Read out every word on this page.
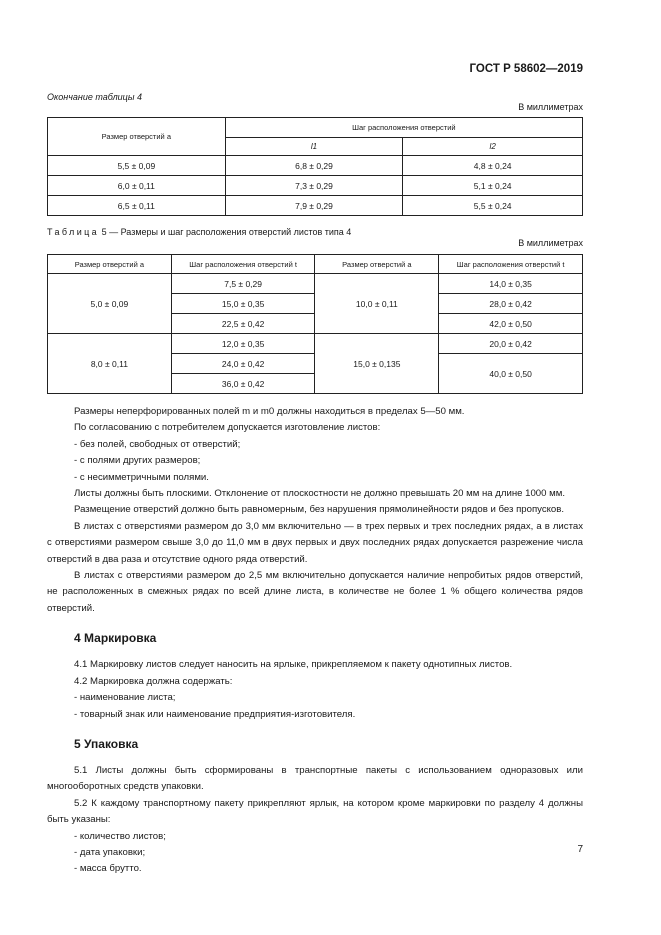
ГОСТ Р 58602—2019
Окончание таблицы 4
В миллиметрах
Размер отверстий a	Шаг расположения отверстий	
	l1	l2
5,5 ± 0,09	6,8 ± 0,29	4,8 ± 0,24
6,0 ± 0,11	7,3 ± 0,29	5,1 ± 0,24
6,5 ± 0,11	7,9 ± 0,29	5,5 ± 0,24
Таблица 5 — Размеры и шаг расположения отверстий листов типа 4
В миллиметрах
Размер отверстий a	Шаг расположения отверстий t	Размер отверстий a	Шаг расположения отверстий t
5,0 ± 0,09	7,5 ± 0,29	10,0 ± 0,11	14,0 ± 0,35
	15,0 ± 0,35		28,0 ± 0,42
	22,5 ± 0,42		42,0 ± 0,50
8,0 ± 0,11	12,0 ± 0,35	15,0 ± 0,135	20,0 ± 0,42
	24,0 ± 0,42		40,0 ± 0,50
	36,0 ± 0,42		

Размеры неперфорированных полей m и m0 должны находиться в пределах 5—50 мм.

По согласованию с потребителем допускается изготовление листов:

- без полей, свободных от отверстий;

- с полями других размеров;

- с несимметричными полями.

Листы должны быть плоскими. Отклонение от плоскостности не должно превышать 20 мм на длине 1000 мм.

Размещение отверстий должно быть равномерным, без нарушения прямолинейности рядов и без пропусков.

В листах с отверстиями размером до 3,0 мм включительно — в трех первых и трех последних рядах, а в листах с отверстиями размером свыше 3,0 до 11,0 мм в двух первых и двух последних рядах допускается разрежение числа отверстий в два раза и отсутствие одного ряда отверстий.

В листах с отверстиями размером до 2,5 мм включительно допускается наличие непробитых рядов отверстий, не расположенных в смежных рядах по всей длине листа, в количестве не более 1 % общего количества рядов отверстий.

4 Маркировка

4.1 Маркировку листов следует наносить на ярлыке, прикрепляемом к пакету однотипных листов.

4.2 Маркировка должна содержать:

- наименование листа;

- товарный знак или наименование предприятия-изготовителя.

5 Упаковка

5.1 Листы должны быть сформированы в транспортные пакеты с использованием одноразовых или многооборотных средств упаковки.

5.2 К каждому транспортному пакету прикрепляют ярлык, на котором кроме маркировки по разделу 4 должны быть указаны:

- количество листов;

- дата упаковки;

- масса брутто.

7
